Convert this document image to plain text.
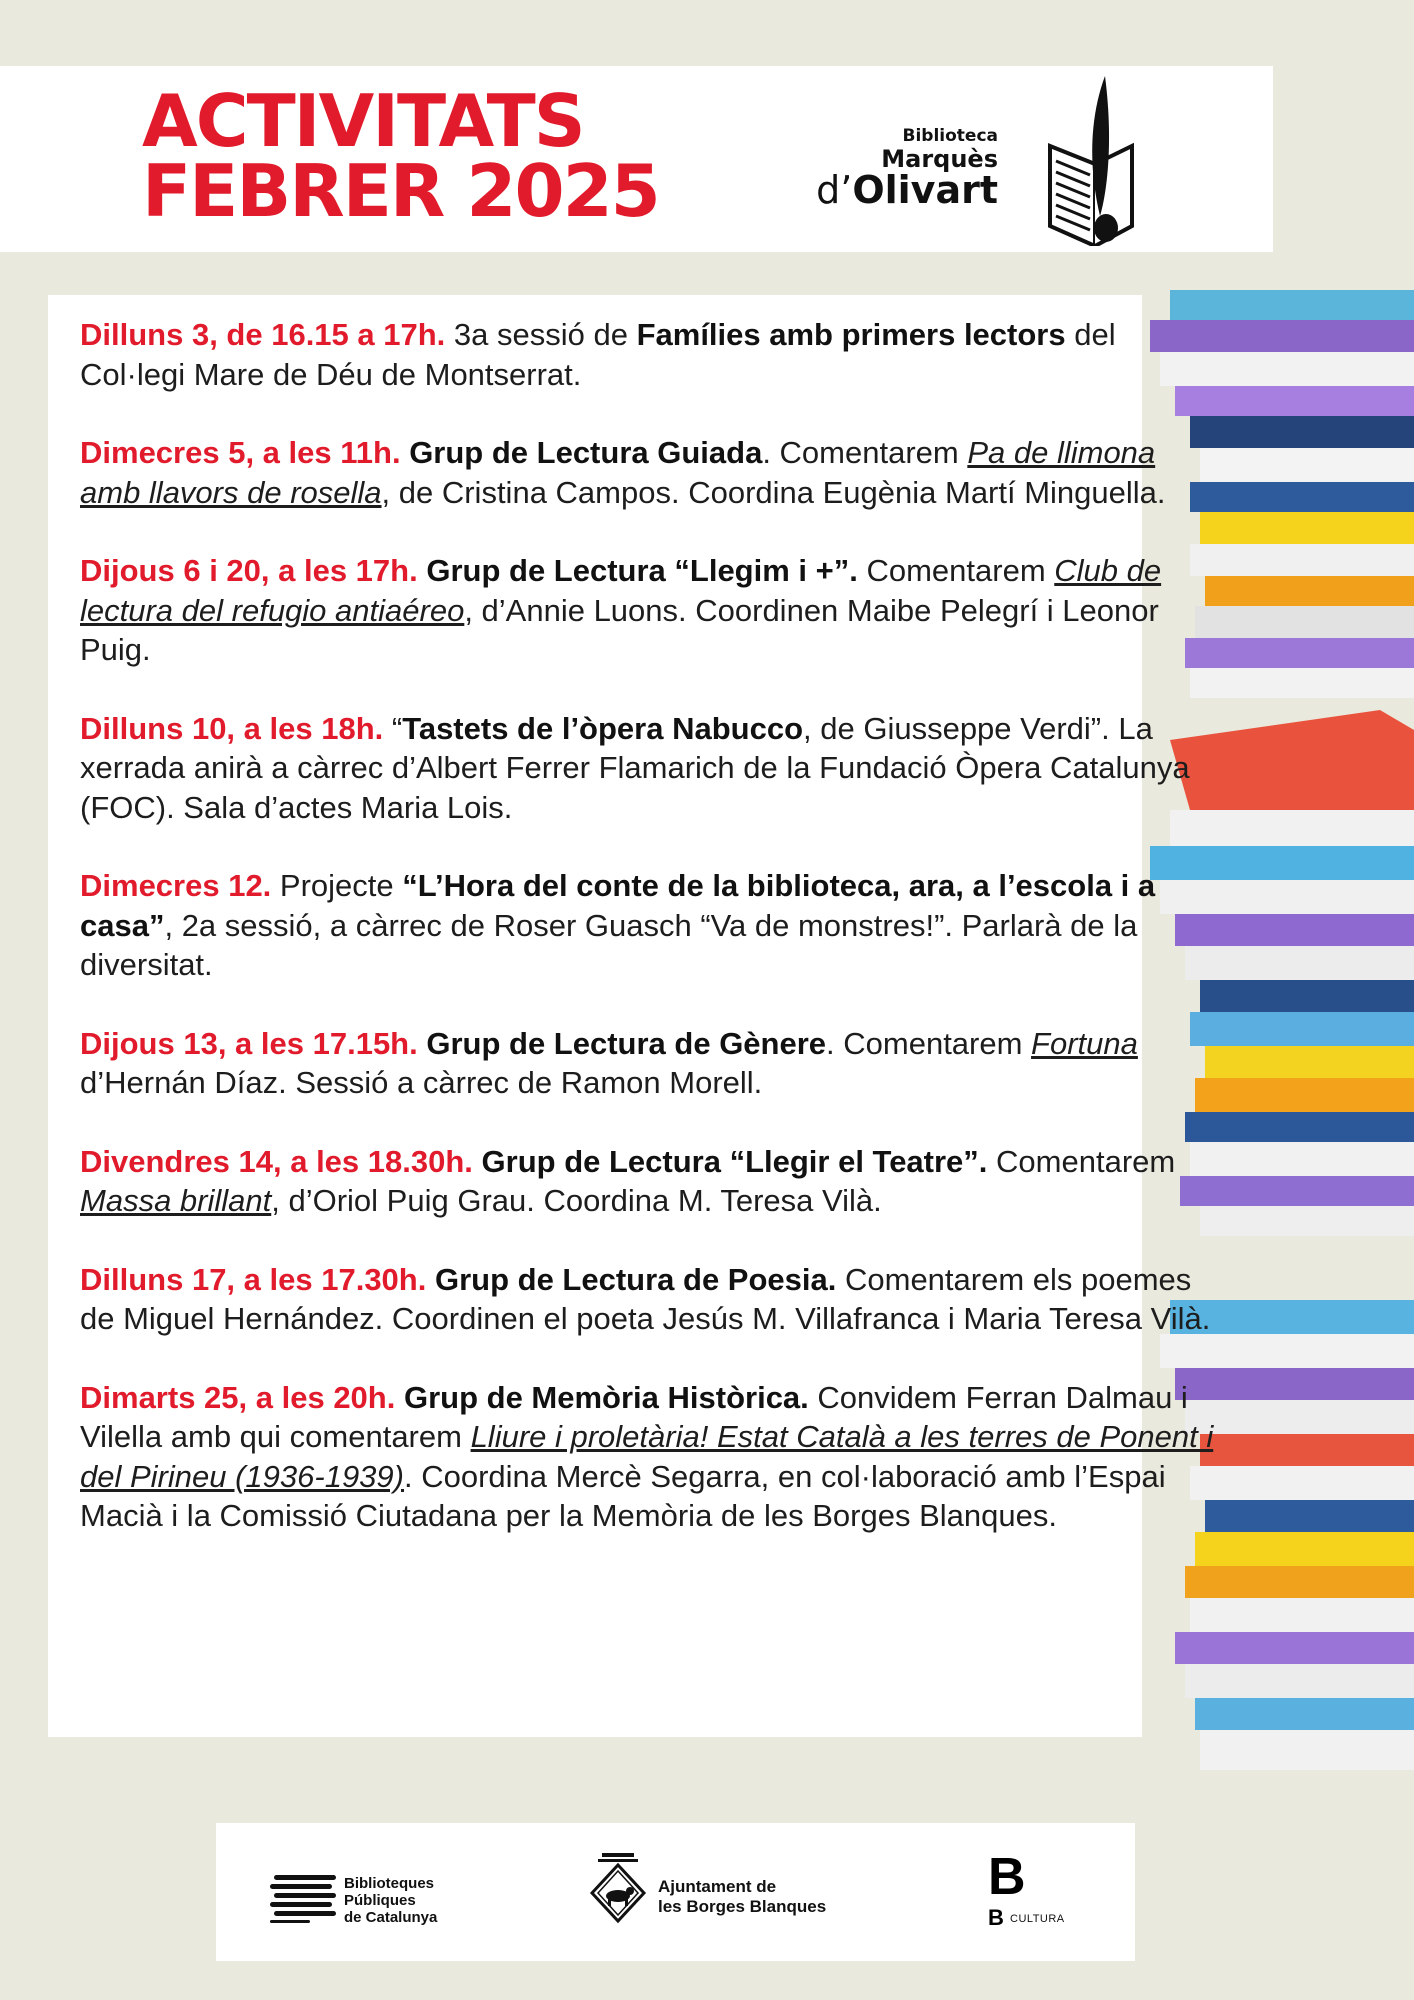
ACTIVITATS
FEBRER 2025
Biblioteca
Marquès
d’Olivart

Dilluns 3, de 16.15 a 17h. 3a sessió de Famílies amb primers lectors del Col·legi Mare de Déu de Montserrat.

Dimecres 5, a les 11h. Grup de Lectura Guiada. Comentarem Pa de llimona amb llavors de rosella, de Cristina Campos. Coordina Eugènia Martí Minguella.

Dijous 6 i 20, a les 17h. Grup de Lectura “Llegim i +”. Comentarem Club de lectura del refugio antiaéreo, d’Annie Luons. Coordinen Maibe Pelegrí i Leonor Puig.

Dilluns 10, a les 18h. “Tastets de l’òpera Nabucco, de Giusseppe Verdi”. La xerrada anirà a càrrec d’Albert Ferrer Flamarich de la Fundació Òpera Catalunya (FOC). Sala d’actes Maria Lois.

Dimecres 12. Projecte “L’Hora del conte de la biblioteca, ara, a l’escola i a casa”, 2a sessió, a càrrec de Roser Guasch “Va de monstres!”. Parlarà de la diversitat.

Dijous 13, a les 17.15h. Grup de Lectura de Gènere. Comentarem Fortuna d’Hernán Díaz. Sessió a càrrec de Ramon Morell.

Divendres 14, a les 18.30h. Grup de Lectura “Llegir el Teatre”. Comentarem Massa brillant, d’Oriol Puig Grau. Coordina M. Teresa Vilà.

Dilluns 17, a les 17.30h. Grup de Lectura de Poesia. Comentarem els poemes de Miguel Hernández. Coordinen el poeta Jesús M. Villafranca i Maria Teresa Vilà.

Dimarts 25, a les 20h. Grup de Memòria Històrica. Convidem Ferran Dalmau i Vilella amb qui comentarem Lliure i proletària! Estat Català a les terres de Ponent i del Pirineu (1936-1939). Coordina Mercè Segarra, en col·laboració amb l’Espai Macià i la Comissió Ciutadana per la Memòria de les Borges Blanques.

Biblioteques
Públiques
de Catalunya
Ajuntament de
les Borges Blanques
B
B CULTURA
